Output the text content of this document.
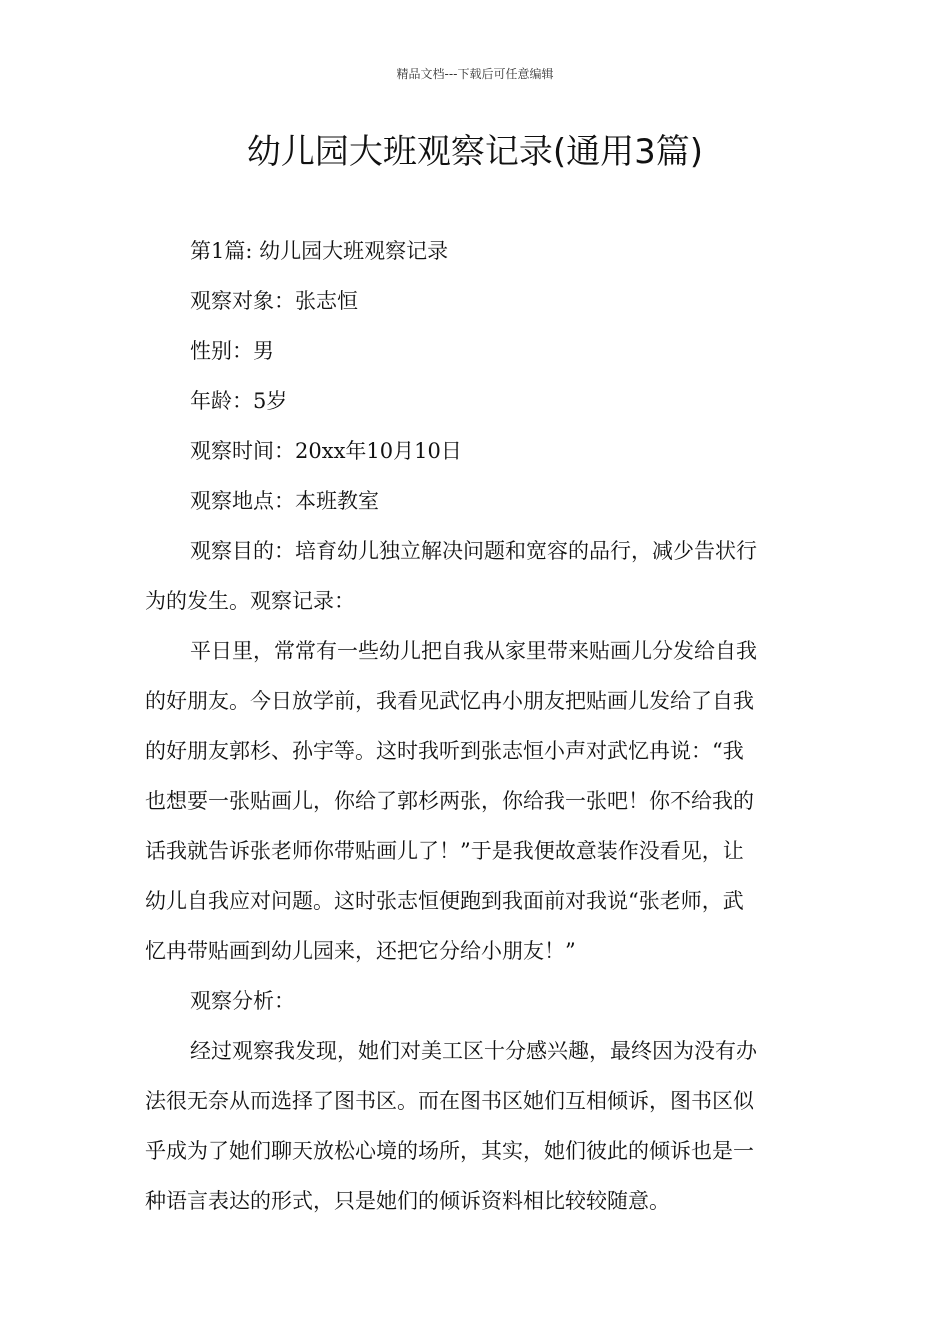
精品文档---下载后可任意编辑
幼儿园大班观察记录(通用3篇)

第1篇: 幼儿园大班观察记录

观察对象：张志恒

性别：男

年龄：5岁

观察时间：20xx年10月10日

观察地点：本班教室

观察目的：培育幼儿独立解决问题和宽容的品行，减少告状行

为的发生。观察记录：

平日里，常常有一些幼儿把自我从家里带来贴画儿分发给自我

的好朋友。今日放学前，我看见武忆冉小朋友把贴画儿发给了自我

的好朋友郭杉、孙宇等。这时我听到张志恒小声对武忆冉说：“我

也想要一张贴画儿，你给了郭杉两张，你给我一张吧！你不给我的

话我就告诉张老师你带贴画儿了！”于是我便故意装作没看见，让

幼儿自我应对问题。这时张志恒便跑到我面前对我说“张老师，武

忆冉带贴画到幼儿园来，还把它分给小朋友！”

观察分析：

经过观察我发现，她们对美工区十分感兴趣，最终因为没有办

法很无奈从而选择了图书区。而在图书区她们互相倾诉，图书区似

乎成为了她们聊天放松心境的场所，其实，她们彼此的倾诉也是一

种语言表达的形式，只是她们的倾诉资料相比较较随意。
